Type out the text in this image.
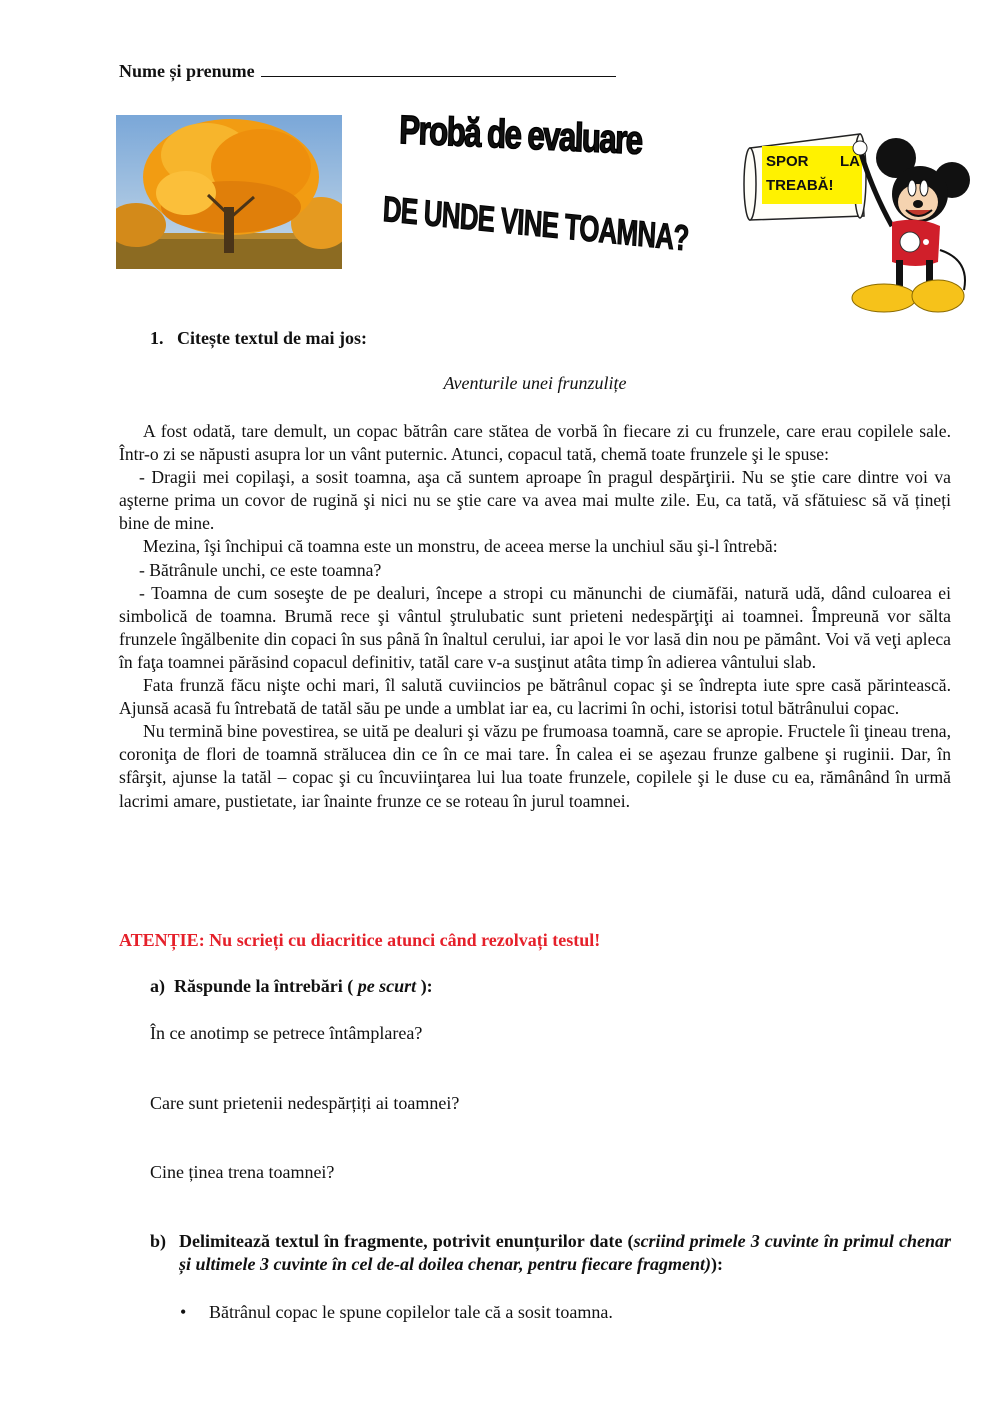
Nume și prenume
Probă de evaluare
DE UNDE VINE TOAMNA?
SPOR LA
TREABĂ!
1.   Citește textul de mai jos:
Aventurile unei frunzulițe

A fost odată, tare demult, un copac bătrân care stătea de vorbă în fiecare zi cu frunzele, care erau copilele sale. Într-o zi se năpusti asupra lor un vânt puternic. Atunci, copacul tată, chemă toate frunzele şi le spuse:

- Dragii mei copilaşi, a sosit toamna, aşa că suntem aproape în pragul despărţirii. Nu se ştie care dintre voi va aşterne prima un covor de rugină şi nici nu se ştie care va avea mai multe zile. Eu, ca tată, vă sfătuiesc să vă țineți bine de mine.

Mezina, îşi închipui că toamna este un monstru, de aceea merse la unchiul său şi-l întrebă:

- Bătrânule unchi, ce este toamna?

- Toamna de cum soseşte de pe dealuri, începe a stropi cu mănunchi de ciumăfăi, natură udă, dând culoarea ei simbolică de toamna. Brumă rece şi vântul ştrulubatic sunt prieteni nedespărţiţi ai toamnei. Împreună vor sălta frunzele îngălbenite din copaci în sus până în înaltul cerului, iar apoi le vor lasă din nou pe pământ. Voi vă veţi apleca în faţa toamnei părăsind copacul definitiv, tatăl care v-a susţinut atâta timp în adierea vântului slab.

Fata frunză făcu nişte ochi mari, îl salută cuviincios pe bătrânul copac şi se îndrepta iute spre casă părintească. Ajunsă acasă fu întrebată de tatăl său pe unde a umblat iar ea, cu lacrimi în ochi, istorisi totul bătrânului copac.

Nu termină bine povestirea, se uită pe dealuri şi văzu pe frumoasa toamnă, care se apropie. Fructele îi ţineau trena, coroniţa de flori de toamnă strălucea din ce în ce mai tare. În calea ei se aşezau frunze galbene şi ruginii. Dar, în sfârşit, ajunse la tatăl – copac şi cu încuviinţarea lui lua toate frunzele, copilele şi le duse cu ea, rămânând în urmă lacrimi amare, pustietate, iar înainte frunze ce se roteau în jurul toamnei.

ATENȚIE: Nu scrieți cu diacritice atunci când rezolvați testul!
a)  Răspunde la întrebări ( pe scurt ):
În ce anotimp se petrece întâmplarea?
Care sunt prietenii nedespărțiți ai toamnei?
Cine ținea trena toamnei?
b) Delimitează textul în fragmente, potrivit enunțurilor date (scriind primele 3 cuvinte în primul chenar și ultimele 3 cuvinte în cel de-al doilea chenar, pentru fiecare fragment)):
• Bătrânul copac le spune copilelor tale că a sosit toamna.
